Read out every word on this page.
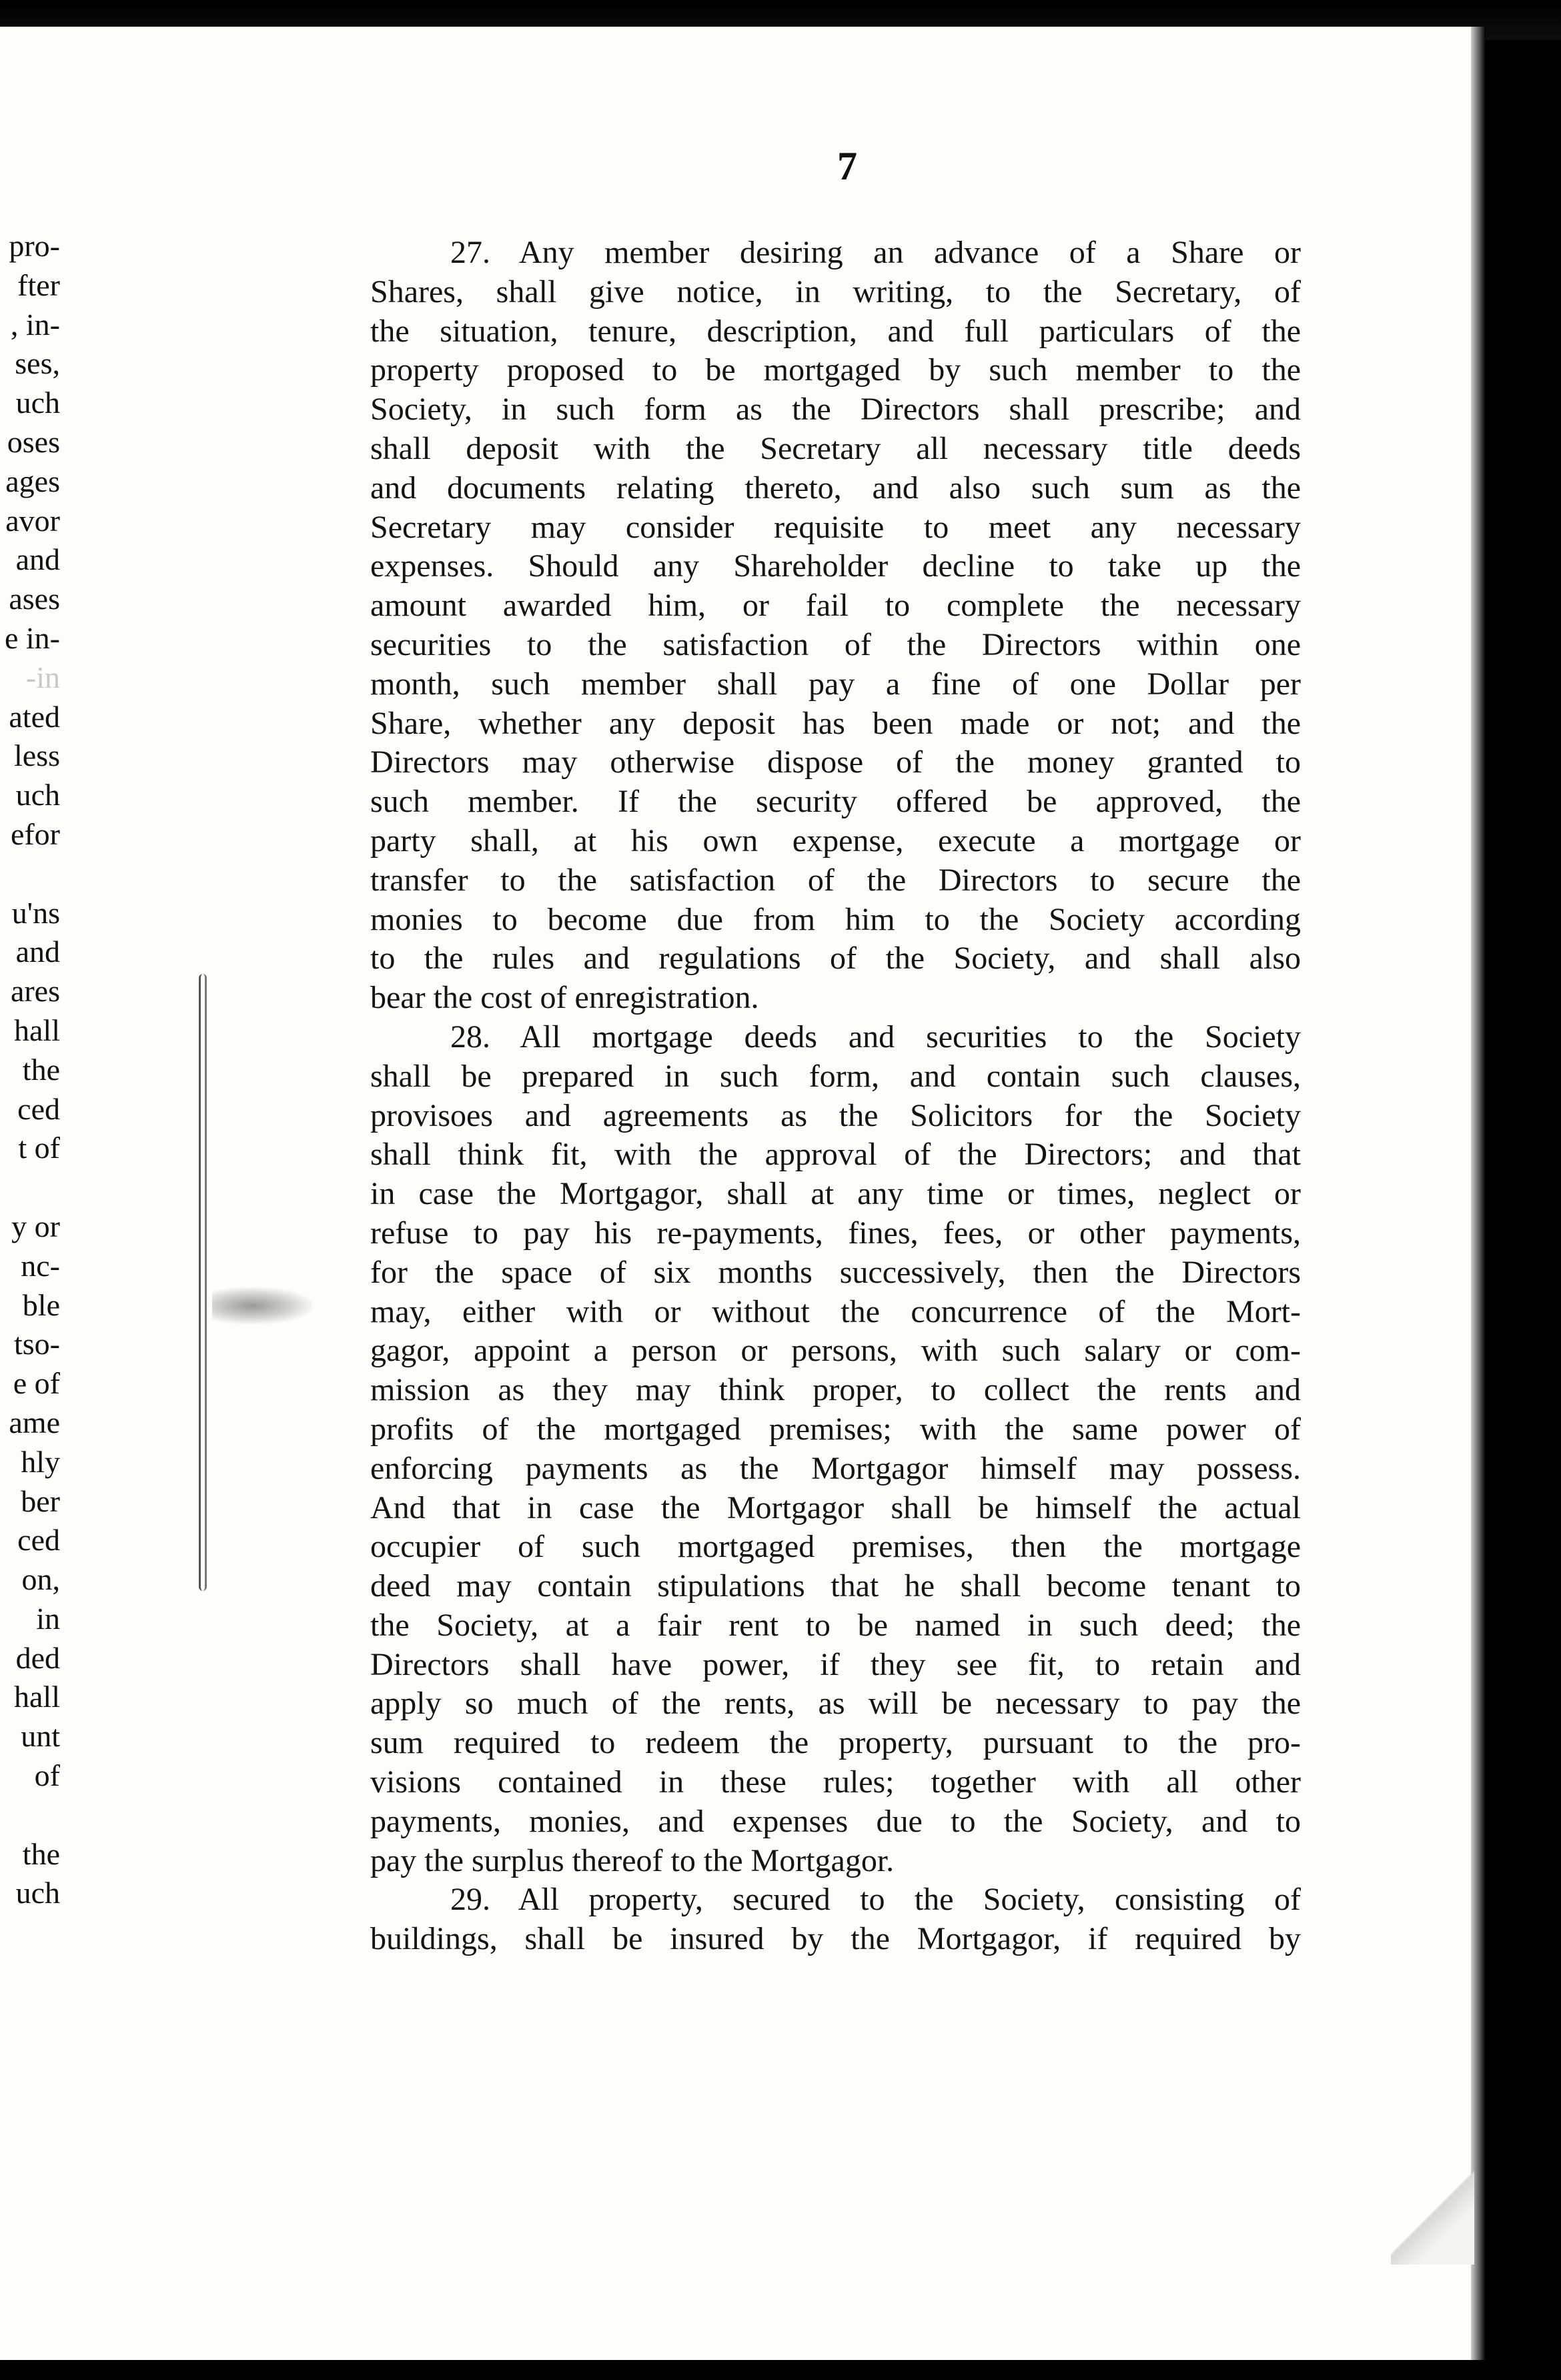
pro-
fter
, in-
ses,
uch
oses
ages
avor
and
ases
e in-
-in
ated
less
uch
efor
u'ns
and
ares
hall
the
ced
t of
y or
nc-
ble
tso-
e of
ame
hly
ber
ced
on,
in
ded
hall
unt
of
the
uch
7
27. Any member desiring an advance of a Share or
Shares, shall give notice, in writing, to the Secretary, of
the situation, tenure, description, and full particulars of the
property proposed to be mortgaged by such member to the
Society, in such form as the Directors shall prescribe; and
shall deposit with the Secretary all necessary title deeds
and documents relating thereto, and also such sum as the
Secretary may consider requisite to meet any necessary
expenses. Should any Shareholder decline to take up the
amount awarded him, or fail to complete the necessary
securities to the satisfaction of the Directors within one
month, such member shall pay a fine of one Dollar per
Share, whether any deposit has been made or not; and the
Directors may otherwise dispose of the money granted to
such member. If the security offered be approved, the
party shall, at his own expense, execute a mortgage or
transfer to the satisfaction of the Directors to secure the
monies to become due from him to the Society according
to the rules and regulations of the Society, and shall also
bear the cost of enregistration.
28. All mortgage deeds and securities to the Society
shall be prepared in such form, and contain such clauses,
provisoes and agreements as the Solicitors for the Society
shall think fit, with the approval of the Directors; and that
in case the Mortgagor, shall at any time or times, neglect or
refuse to pay his re-payments, fines, fees, or other payments,
for the space of six months successively, then the Directors
may, either with or without the concurrence of the Mort-
gagor, appoint a person or persons, with such salary or com-
mission as they may think proper, to collect the rents and
profits of the mortgaged premises; with the same power of
enforcing payments as the Mortgagor himself may possess.
And that in case the Mortgagor shall be himself the actual
occupier of such mortgaged premises, then the mortgage
deed may contain stipulations that he shall become tenant to
the Society, at a fair rent to be named in such deed; the
Directors shall have power, if they see fit, to retain and
apply so much of the rents, as will be necessary to pay the
sum required to redeem the property, pursuant to the pro-
visions contained in these rules; together with all other
payments, monies, and expenses due to the Society, and to
pay the surplus thereof to the Mortgagor.
29. All property, secured to the Society, consisting of
buildings, shall be insured by the Mortgagor, if required by
